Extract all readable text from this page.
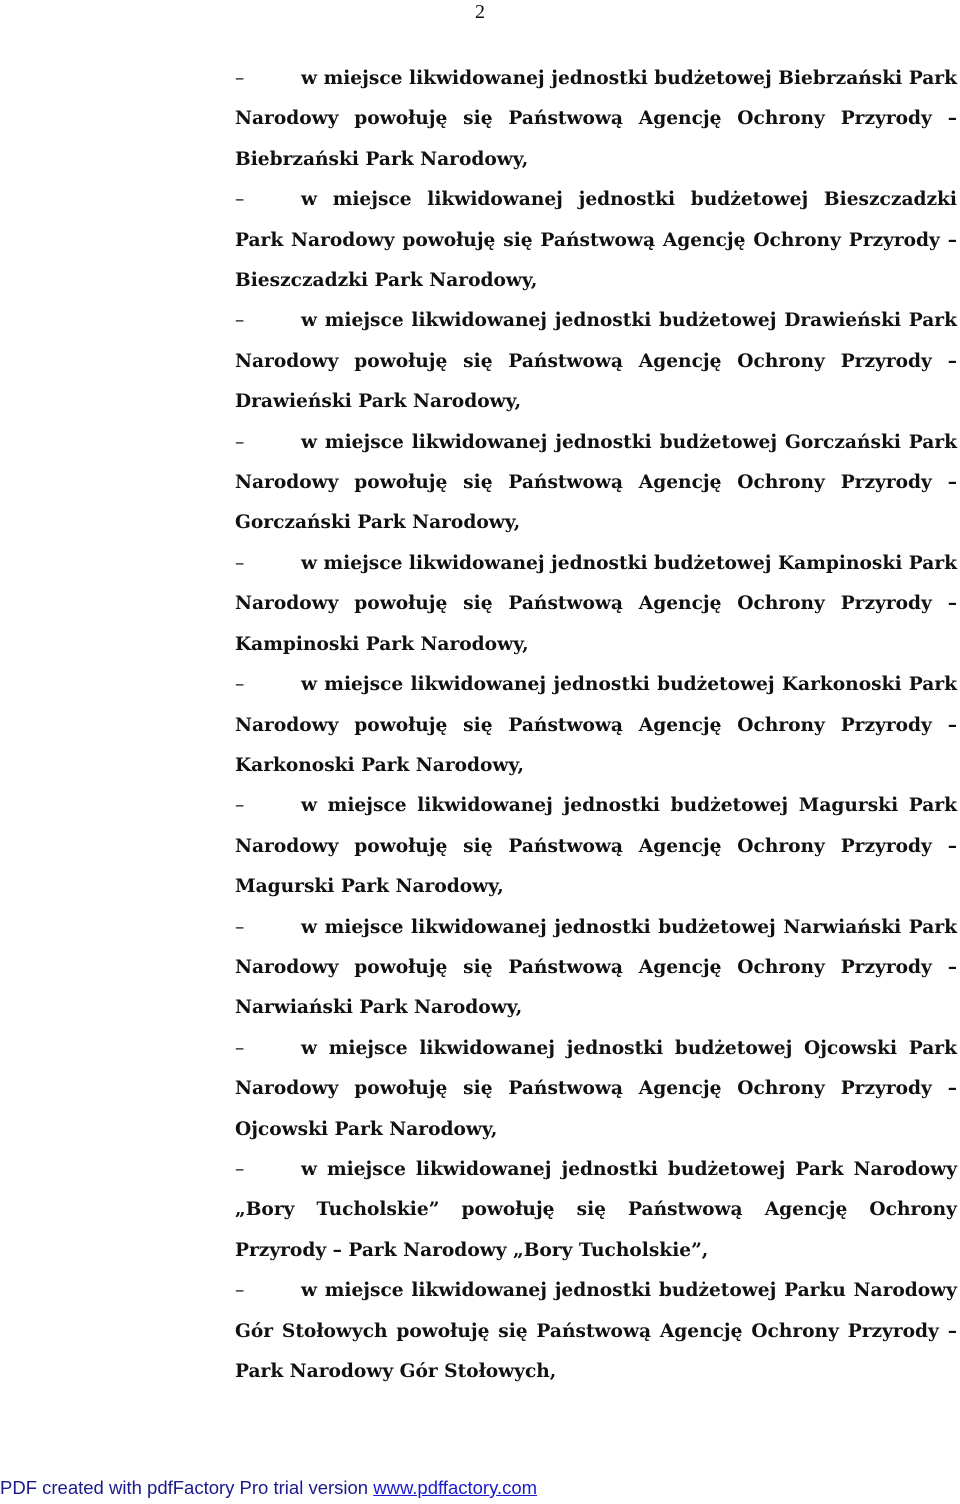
2

–	w miejsce likwidowanej jednostki budżetowej Biebrzański Park Narodowy powołuję się Państwową Agencję Ochrony Przyrody – Biebrzański Park Narodowy,

–	w miejsce likwidowanej jednostki budżetowej Bieszczadzki Park Narodowy powołuję się Państwową Agencję Ochrony Przyrody – Bieszczadzki Park Narodowy,

–	w miejsce likwidowanej jednostki budżetowej Drawieński Park Narodowy powołuję się Państwową Agencję Ochrony Przyrody – Drawieński Park Narodowy,

–	w miejsce likwidowanej jednostki budżetowej Gorczański Park Narodowy powołuję się Państwową Agencję Ochrony Przyrody – Gorczański Park Narodowy,

–	w miejsce likwidowanej jednostki budżetowej Kampinoski Park Narodowy powołuję się Państwową Agencję Ochrony Przyrody – Kampinoski Park Narodowy,

–	w miejsce likwidowanej jednostki budżetowej Karkonoski Park Narodowy powołuję się Państwową Agencję Ochrony Przyrody – Karkonoski Park Narodowy,

–	w miejsce likwidowanej jednostki budżetowej Magurski Park Narodowy powołuję się Państwową Agencję Ochrony Przyrody – Magurski Park Narodowy,

–	w miejsce likwidowanej jednostki budżetowej Narwiański Park Narodowy powołuję się Państwową Agencję Ochrony Przyrody – Narwiański Park Narodowy,

–	w miejsce likwidowanej jednostki budżetowej Ojcowski Park Narodowy powołuję się Państwową Agencję Ochrony Przyrody – Ojcowski Park Narodowy,

–	w miejsce likwidowanej jednostki budżetowej Park Narodowy „Bory Tucholskie” powołuję się Państwową Agencję Ochrony Przyrody – Park Narodowy „Bory Tucholskie”,

–	w miejsce likwidowanej jednostki budżetowej Parku Narodowy Gór Stołowych powołuję się Państwową Agencję Ochrony Przyrody – Park Narodowy Gór Stołowych,

PDF created with pdfFactory Pro trial version www.pdffactory.com
